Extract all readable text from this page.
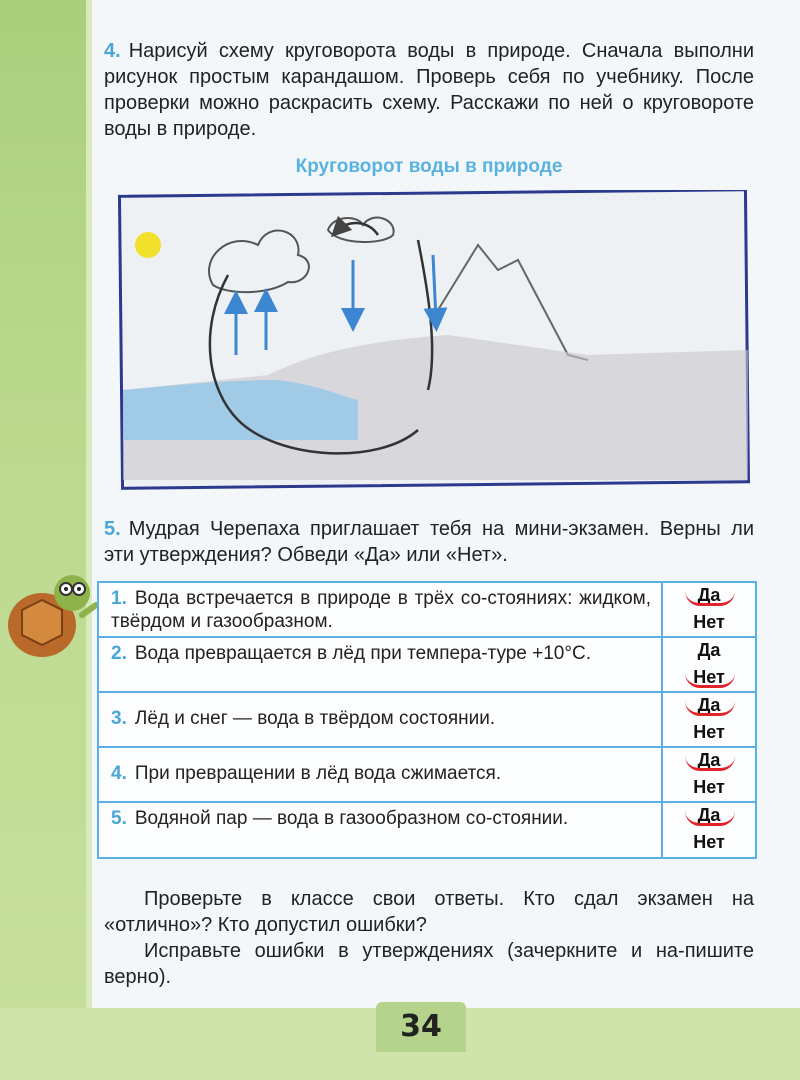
4. Нарисуй схему круговорота воды в природе. Сначала выполни рисунок простым карандашом. Проверь себя по учебнику. После проверки можно раскрасить схему. Расскажи по ней о круговороте воды в природе.

Круговорот воды в природе

5. Мудрая Черепаха приглашает тебя на мини-экзамен. Верны ли эти утверждения? Обведи «Да» или «Нет».

1. Вода встречается в природе в трёх со-стояниях: жидком, твёрдом и газообразном.
Да
Нет
2. Вода превращается в лёд при темпера-туре +10°C.	Да
Нет
3. Лёд и снег — вода в твёрдом состоянии.
Да
Нет
4. При превращении в лёд вода сжимается.
Да
Нет
5. Водяной пар — вода в газообразном со-стоянии.	Да
Нет

Проверьте в классе свои ответы. Кто сдал экзамен на «отлично»? Кто допустил ошибки?

Исправьте ошибки в утверждениях (зачеркните и на-пишите верно).

34
